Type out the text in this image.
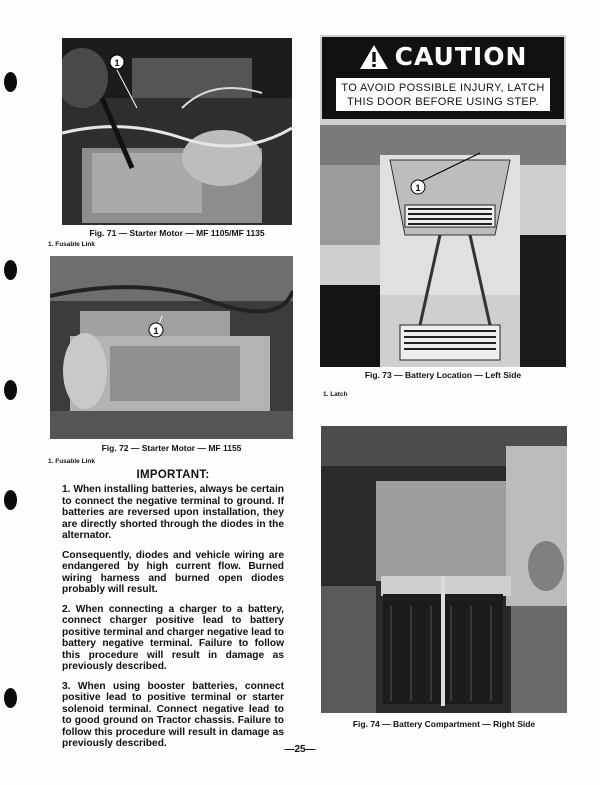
1
Fig. 71 — Starter Motor — MF 1105/MF 1135
1. Fusable Link
1
Fig. 72 — Starter Motor — MF 1155
1. Fusable Link
IMPORTANT:

1. When installing batteries, always be certain to connect the negative terminal to ground. If batteries are reversed upon installation, they are directly shorted through the diodes in the alternator.

Consequently, diodes and vehicle wiring are endangered by high current flow. Burned wiring harness and burned open diodes probably will result.

2. When connecting a charger to a battery, connect charger positive lead to battery positive terminal and charger negative lead to battery negative terminal. Failure to follow this procedure will result in damage as previously described.

3. When using booster batteries, connect positive lead to positive terminal or starter solenoid terminal. Connect negative lead to to good ground on Tractor chassis. Failure to follow this procedure will result in damage as previously described.

1
CAUTION
TO AVOID POSSIBLE INJURY, LATCH
THIS DOOR BEFORE USING STEP.
Fig. 73 — Battery Location — Left Side
1. Latch
Fig. 74 — Battery Compartment — Right Side
—25—
